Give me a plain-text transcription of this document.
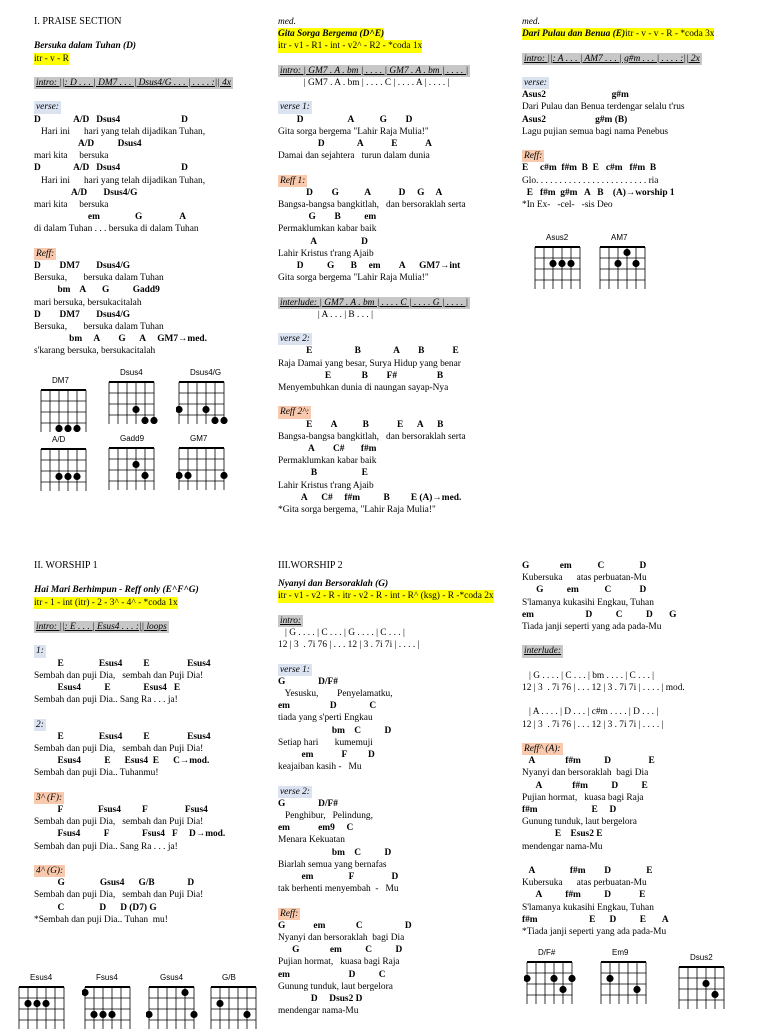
I. PRAISE SECTION
Bersuka dalam Tuhan (D)
itr - v - R
intro: ||: D . . . | DM7 . . . | Dsus4/G . . . | . . . . :|| 4x
verse:
D              A/D   Dsus4                          D
Hari ini      hari yang telah dijadikan Tuhan,
A/D          Dsus4
mari kita     bersuka
D              A/D   Dsus4                          D
Hari ini      hari yang telah dijadikan Tuhan,
A/D       Dsus4/G
mari kita     bersuka
em               G                A
di dalam Tuhan . . . bersuka di dalam Tuhan
Reff:
D        DM7       Dsus4/G
Bersuka,       bersuka dalam Tuhan
bm    A       G          Gadd9
mari bersuka, bersukacitalah
D        DM7       Dsus4/G
Bersuka,       bersuka dalam Tuhan
bm     A        G      A     GM7→med.
s'karang bersuka, bersukacitalah
med.
Gita Sorga Bergema (D^E)itr - v1 - R1 - int - v2^ - R2 - *coda 1x
intro: | GM7 . A . bm | . . . . | GM7 . A . bm | . . . . |
| GM7 . A . bm | . . . . C | . . . . A | . . . . |
verse 1:
D                   A           G        D
Gita sorga bergema "Lahir Raja Mulia!"
D              A            E            A
Damai dan sejahtera   turun dalam dunia
Reff 1:
D        G           A            D     G     A
Bangsa-bangsa bangkitlah,   dan bersoraklah serta
G        B          em
Permaklumkan kabar baik
A                   D
Lahir Kristus t'rang Ajaib
D          G       B     em        A      GM7→int
Gita sorga bergema "Lahir Raja Mulia!"
interlude: | GM7 . A . bm | . . . . C | . . . . G | . . . . |
| A . . . | B . . . |
verse 2:
E                  B              A        B            E
Raja Damai yang besar, Surya Hidup yang benar
E             B        F#                 B
Menyembuhkan dunia di naungan sayap-Nya
Reff 2^:
E        A           B            E      A      B
Bangsa-bangsa bangkitlah,   dan bersoraklah serta
A        C#       f#m
Permaklumkan kabar baik
B                   E
Lahir Kristus t'rang Ajaib
A      C#     f#m          B         E (A)→med.
*Gita sorga bergema, "Lahir Raja Mulia!"
med.
Dari Pulau dan Benua (E)itr - v - v - R - *coda 3x
intro: ||: A . . . | AM7 . . . | g#m . . . | . . . . :|| 2x
verse:
Asus2                            g#m
Dari Pulau dan Benua terdengar selalu t'rus
Asus2                     g#m (B)
Lagu pujian semua bagi nama Penebus
Reff:
E     c#m  f#m  B  E   c#m   f#m  B
Glo. . . . . . . . . . . . . . . . . . . . . . . . ria
E   f#m  g#m   A   B    (A)→worship 1
*In Ex-   -cel-   -sis Deo
II. WORSHIP 1
Hai Mari Berhimpun - Reff only (E^F^G)
itr - 1 - int (itr) - 2 - 3^ - 4^ - *coda 1x
intro: ||: E . . . | Esus4 . . . :|| loops
1:
E               Esus4         E                Esus4
Sembah dan puji Dia,   sembah dan Puji Dia!
Esus4          E              Esus4   E
Sembah dan puji Dia.. Sang Ra . . . ja!
2:
E               Esus4         E                Esus4
Sembah dan puji Dia,   sembah dan Puji Dia!
Esus4          E      Esus4  E      C→mod.
Sembah dan puji Dia.. Tuhanmu!
3^ (F):
F               Fsus4         F                Fsus4
Sembah dan puji Dia,   sembah dan Puji Dia!
Fsus4          F              Fsus4   F     D→mod.
Sembah dan puji Dia.. Sang Ra . . . ja!
4^ (G):
G               Gsus4      G/B              D
Sembah dan puji Dia,   sembah dan Puji Dia!
C               D      D (D7) G
*Sembah dan puji Dia.. Tuhan  mu!
III.WORSHIP 2
Nyanyi dan Bersoraklah (G)
itr - v1 - v2 - R - itr - v2 - R - int - R^ (ksg) - R -*coda 2x
intro:
| G . . . . | C . . . | G . . . . | C . . . |
12 | 3  . 7i 76 | . . . 12 | 3 . 7i 7i | . . . . |
verse 1:
G              D/F#
Yesusku,        Penyelamatku,
em                 D              C
tiada yang s'perti Engkau
bm    C          D
Setiap hari       kumemuji
em            F         D
keajaiban kasih -   Mu
verse 2:
G              D/F#
Penghibur,   Pelindung,
em            em9     C
Menara Kekuatan
bm    C          D
Biarlah semua yang bernafas
em               F                D
tak berhenti menyembah  -   Mu
Reff:
G            em             C                  D
Nyanyi dan bersoraklah  bagi Dia
G             em          C          D
Pujian hormat,   kuasa bagi Raja
em                         D          C
Gunung tunduk, laut bergelora
D     Dsus2 D
mendengar nama-Mu
G             em           C               D
Kubersuka      atas perbuatan-Mu
G          em           C            D
S'lamanya kukasihi Engkau, Tuhan
em                      D          C          D       G
Tiada janji seperti yang ada pada-Mu
interlude:
| G . . . . | C . . . | bm . . . . | C . . . |
12 | 3  . 7i 76 | . . . 12 | 3 . 7i 7i | . . . . | mod.
| A . . . . | D . . . | c#m . . . . | D . . . |
12 | 3  . 7i 76 | . . . 12 | 3 . 7i 7i | . . . . |
Reff^ (A):
A             f#m          D                E
Nyanyi dan bersoraklah  bagi Dia
A             f#m          D          E
Pujian hormat,   kuasa bagi Raja
f#m                       E     D
Gunung tunduk, laut bergelora
E    Esus2 E
mendengar nama-Mu
A               f#m        D               E
Kubersuka      atas perbuatan-Mu
A          f#m          D            E
S'lamanya kukasihi Engkau, Tuhan
f#m                      E      D          E       A
*Tiada janji seperti yang ada pada-Mu
DM7
Dsus4	Dsus4/G
A/D	Gadd9	GM7
Asus2	AM7
Esus4	Fsus4	Gsus4	G/B
D/F#	Em9
Dsus2
